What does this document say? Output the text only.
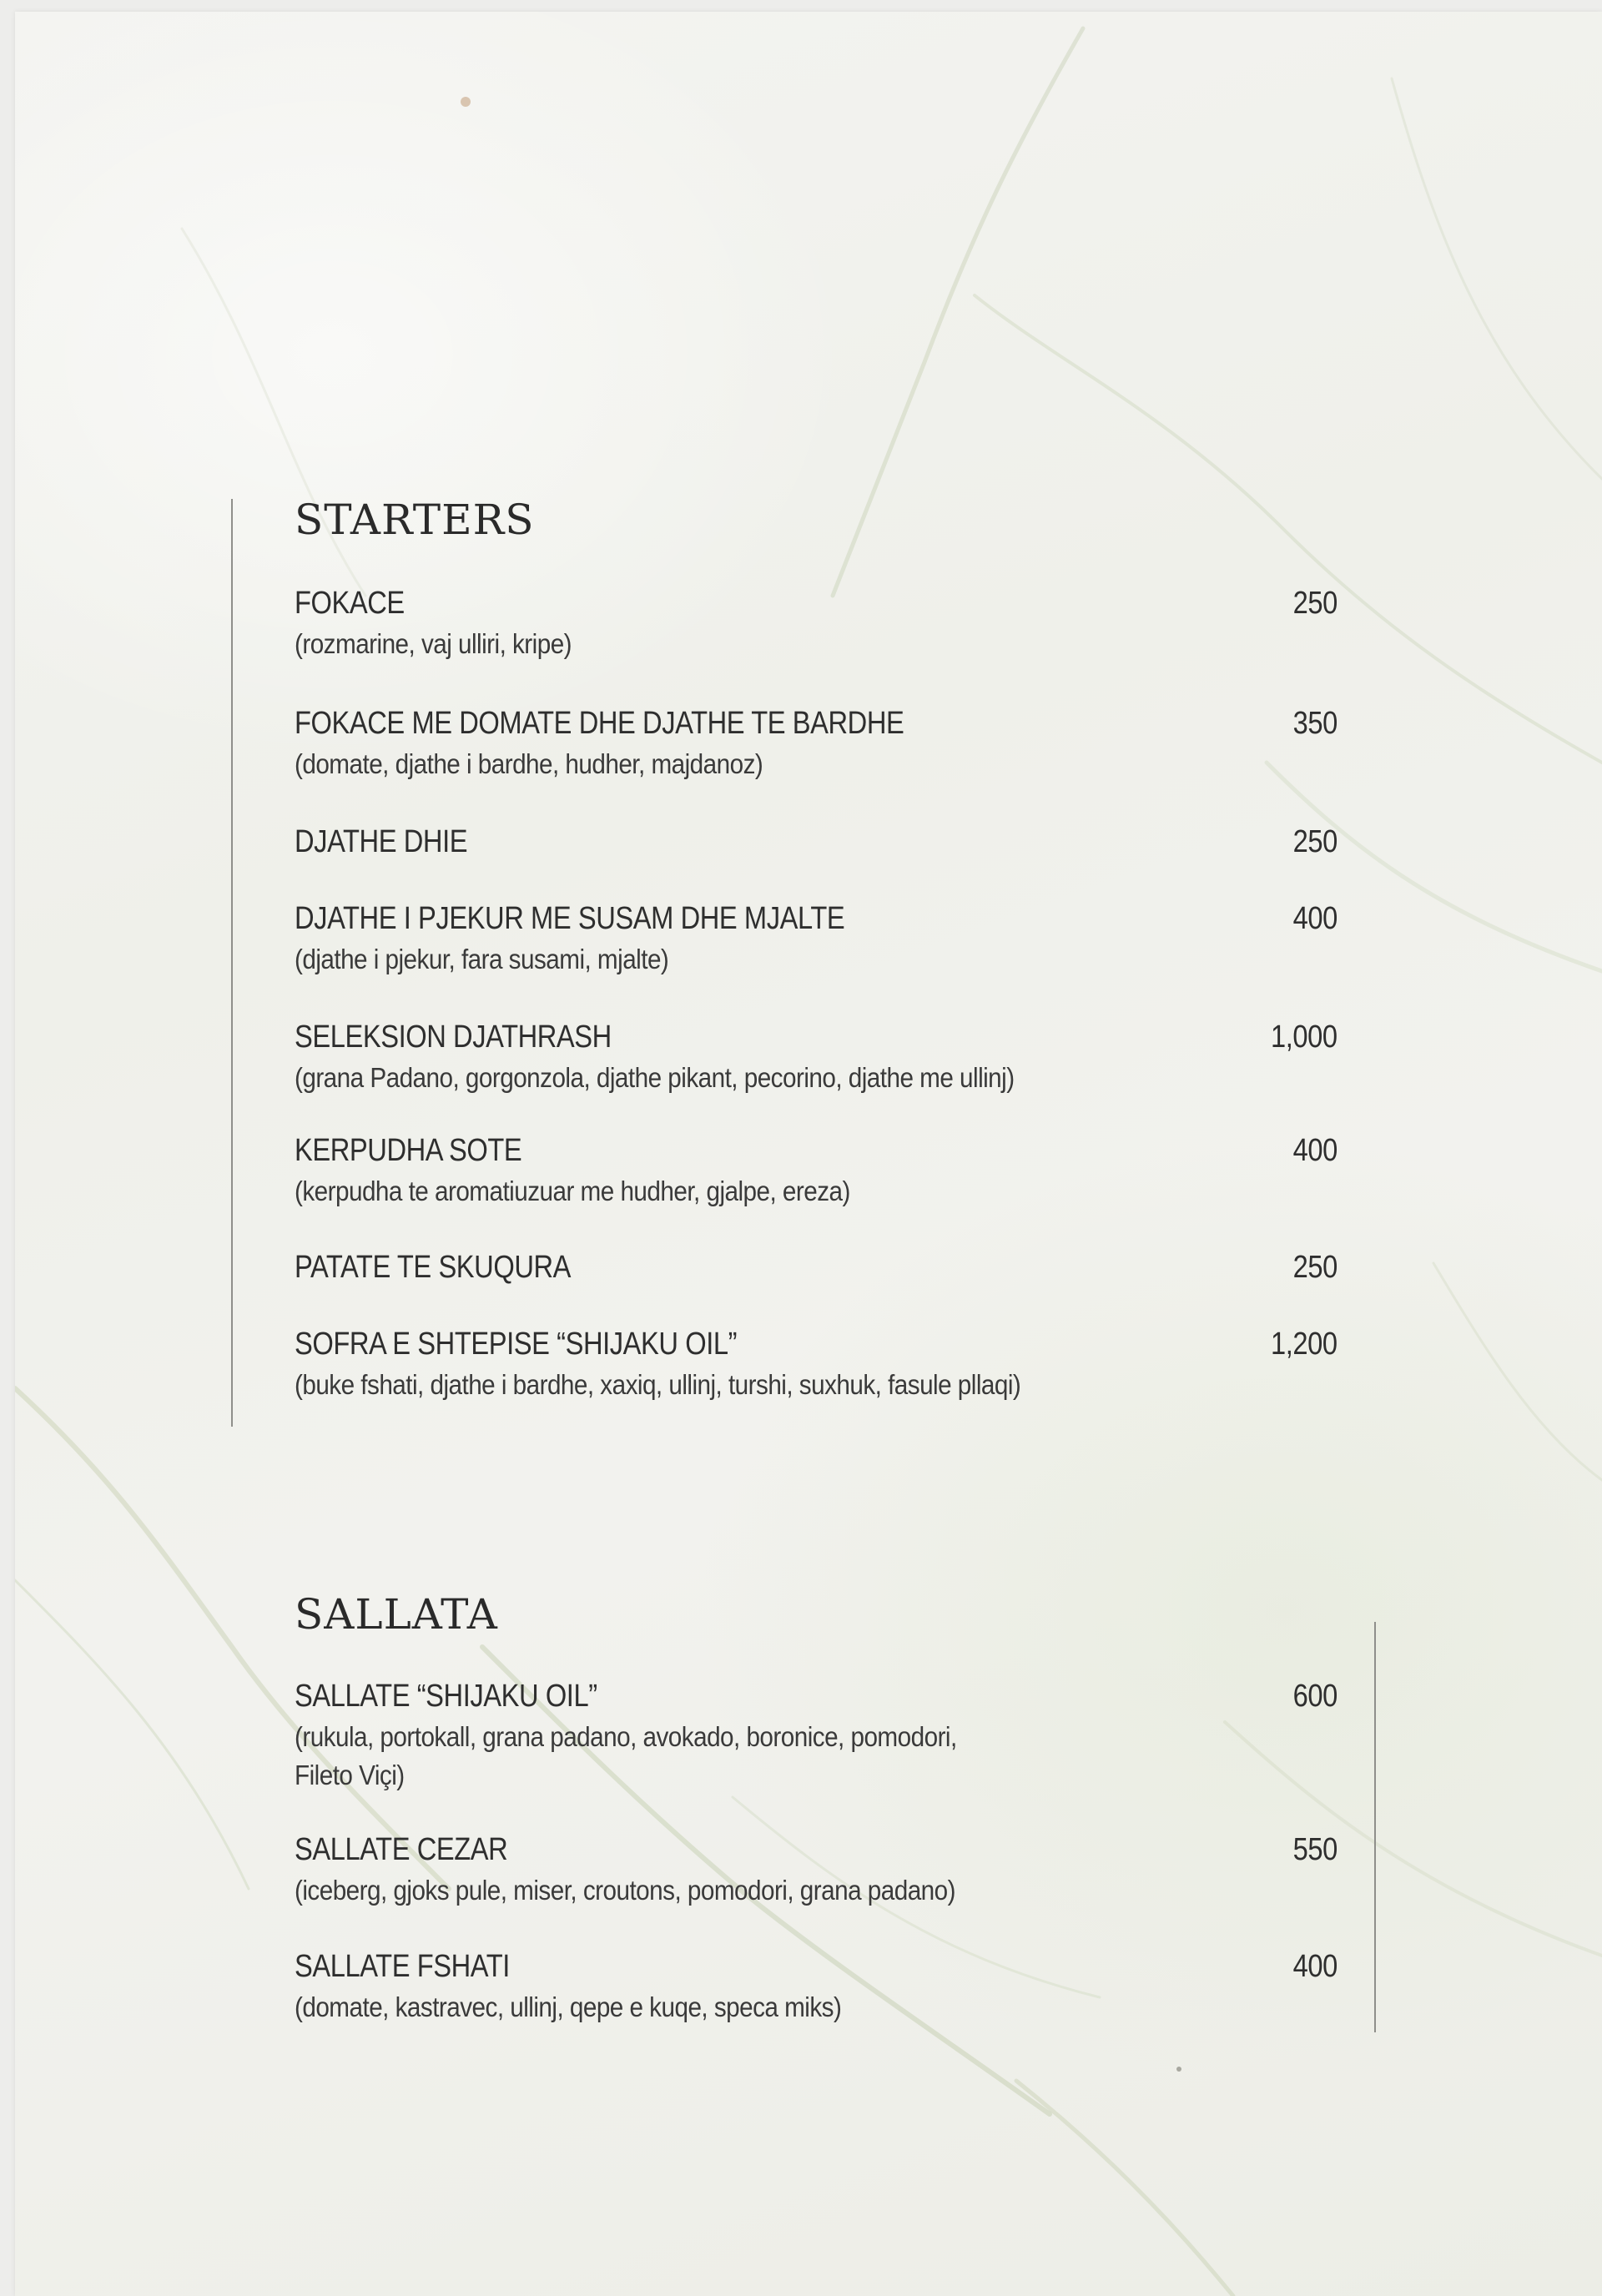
STARTERS
FOKACE	250
(rozmarine, vaj ulliri, kripe)
FOKACE ME DOMATE DHE DJATHE TE BARDHE	350
(domate, djathe i bardhe, hudher, majdanoz)
DJATHE DHIE	250
DJATHE I PJEKUR ME SUSAM DHE MJALTE	400
(djathe i pjekur, fara susami, mjalte)
SELEKSION DJATHRASH	1,000
(grana Padano, gorgonzola, djathe pikant, pecorino, djathe me ullinj)
KERPUDHA SOTE	400
(kerpudha te aromatiuzuar me hudher, gjalpe, ereza)
PATATE TE SKUQURA	250
SOFRA E SHTEPISE “SHIJAKU OIL”	1,200
(buke fshati, djathe i bardhe, xaxiq, ullinj, turshi, suxhuk, fasule pllaqi)
SALLATA
SALLATE “SHIJAKU OIL”	600
(rukula, portokall, grana padano, avokado, boronice, pomodori, Fileto Viçi)
SALLATE CEZAR	550
(iceberg, gjoks pule, miser, croutons, pomodori, grana padano)
SALLATE FSHATI	400
(domate, kastravec, ullinj, qepe e kuqe, speca miks)
